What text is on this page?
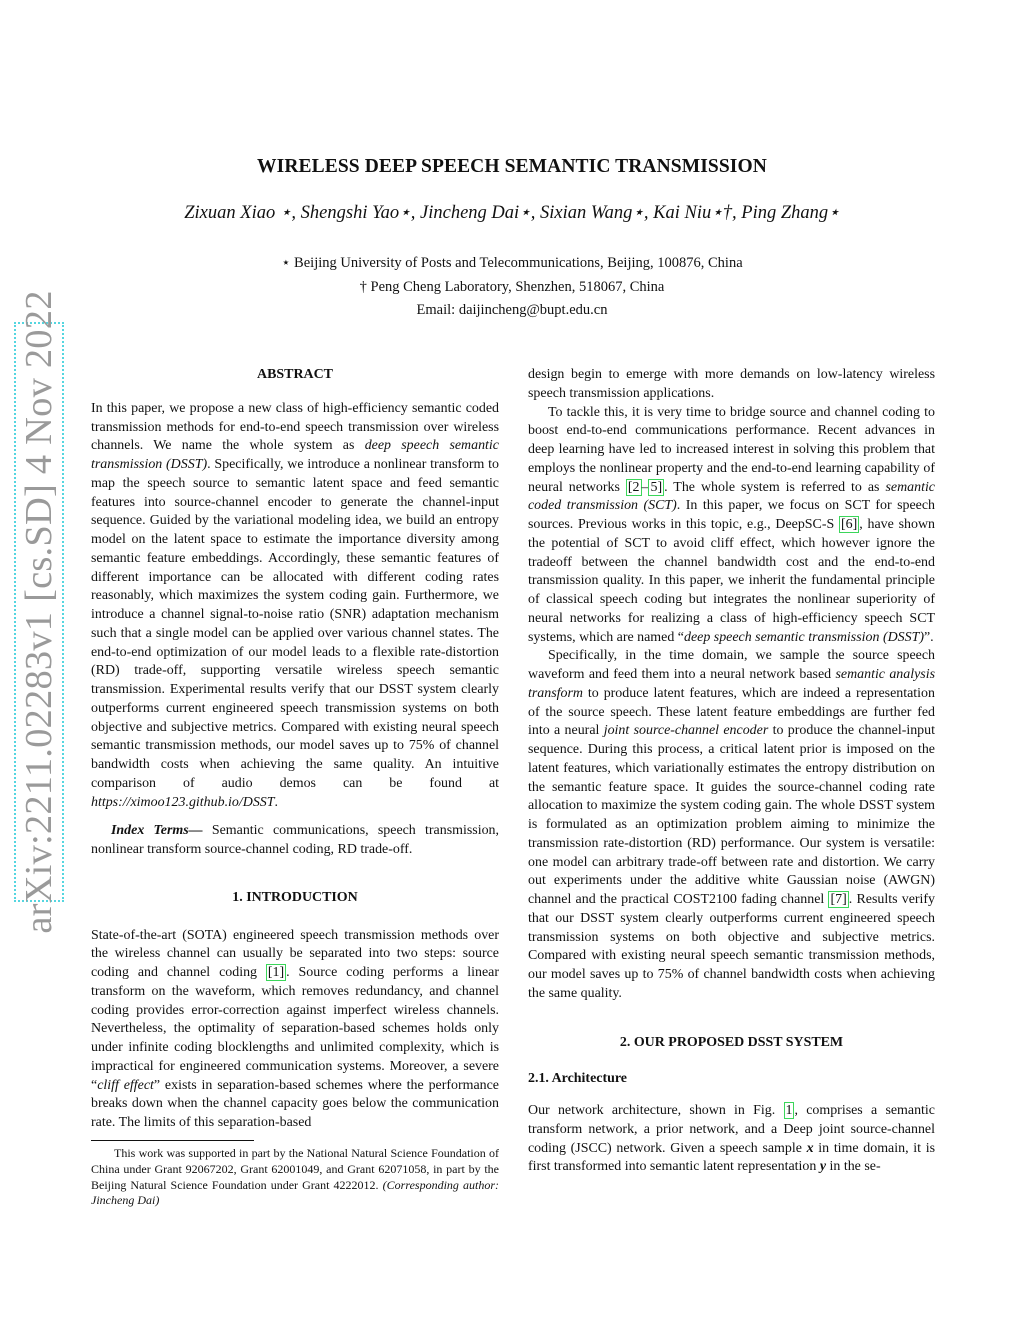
arXiv:2211.02283v1 [cs.SD] 4 Nov 2022
WIRELESS DEEP SPEECH SEMANTIC TRANSMISSION
Zixuan Xiao ⋆, Shengshi Yao⋆, Jincheng Dai⋆, Sixian Wang⋆, Kai Niu⋆†, Ping Zhang⋆
⋆ Beijing University of Posts and Telecommunications, Beijing, 100876, China
† Peng Cheng Laboratory, Shenzhen, 518067, China
Email: daijincheng@bupt.edu.cn
ABSTRACT

In this paper, we propose a new class of high-efficiency semantic coded transmission methods for end-to-end speech transmission over wireless channels. We name the whole system as deep speech semantic transmission (DSST). Specifically, we introduce a nonlinear transform to map the speech source to semantic latent space and feed semantic features into source-channel encoder to generate the channel-input sequence. Guided by the variational modeling idea, we build an entropy model on the latent space to estimate the importance diversity among semantic feature embeddings. Accordingly, these semantic features of different importance can be allocated with different coding rates reasonably, which maximizes the system coding gain. Furthermore, we introduce a channel signal-to-noise ratio (SNR) adaptation mechanism such that a single model can be applied over various channel states. The end-to-end optimization of our model leads to a flexible rate-distortion (RD) trade-off, supporting versatile wireless speech semantic transmission. Experimental results verify that our DSST system clearly outperforms current engineered speech transmission systems on both objective and subjective metrics. Compared with existing neural speech semantic transmission methods, our model saves up to 75% of channel bandwidth costs when achieving the same quality. An intuitive comparison of audio demos can be found at https://ximoo123.github.io/DSST.

Index Terms— Semantic communications, speech transmission, nonlinear transform source-channel coding, RD trade-off.

1. INTRODUCTION

State-of-the-art (SOTA) engineered speech transmission methods over the wireless channel can usually be separated into two steps: source coding and channel coding [1] . Source coding performs a linear transform on the waveform, which removes redundancy, and channel coding provides error-correction against imperfect wireless channels. Nevertheless, the optimality of separation-based schemes holds only under infinite coding blocklengths and unlimited complexity, which is impractical for engineered communication systems. Moreover, a severe “cliff effect” exists in separation-based schemes where the performance breaks down when the channel capacity goes below the communication rate. The limits of this separation-based

This work was supported in part by the National Natural Science Foundation of China under Grant 92067202, Grant 62001049, and Grant 62071058, in part by the Beijing Natural Science Foundation under Grant 4222012. (Corresponding author: Jincheng Dai)

design begin to emerge with more demands on low-latency wireless speech transmission applications.

To tackle this, it is very time to bridge source and channel coding to boost end-to-end communications performance. Recent advances in deep learning have led to increased interest in solving this problem that employs the nonlinear property and the end-to-end learning capability of neural networks [2 – 5] . The whole system is referred to as semantic coded transmission (SCT). In this paper, we focus on SCT for speech sources. Previous works in this topic, e.g., DeepSC-S [6] , have shown the potential of SCT to avoid cliff effect, which however ignore the tradeoff between the channel bandwidth cost and the end-to-end transmission quality. In this paper, we inherit the fundamental principle of classical speech coding but integrates the nonlinear superiority of neural networks for realizing a class of high-efficiency speech SCT systems, which are named “deep speech semantic transmission (DSST)”.

Specifically, in the time domain, we sample the source speech waveform and feed them into a neural network based semantic analysis transform to produce latent features, which are indeed a representation of the source speech. These latent feature embeddings are further fed into a neural joint source-channel encoder to produce the channel-input sequence. During this process, a critical latent prior is imposed on the latent features, which variationally estimates the entropy distribution on the semantic feature space. It guides the source-channel coding rate allocation to maximize the system coding gain. The whole DSST system is formulated as an optimization problem aiming to minimize the transmission rate-distortion (RD) performance. Our system is versatile: one model can arbitrary trade-off between rate and distortion. We carry out experiments under the additive white Gaussian noise (AWGN) channel and the practical COST2100 fading channel [7] . Results verify that our DSST system clearly outperforms current engineered speech transmission systems on both objective and subjective metrics. Compared with existing neural speech semantic transmission methods, our model saves up to 75% of channel bandwidth costs when achieving the same quality.

2. OUR PROPOSED DSST SYSTEM
2.1. Architecture

Our network architecture, shown in Fig. 1 , comprises a semantic transform network, a prior network, and a Deep joint source-channel coding (JSCC) network. Given a speech sample x in time domain, it is first transformed into semantic latent representation y in the se-
